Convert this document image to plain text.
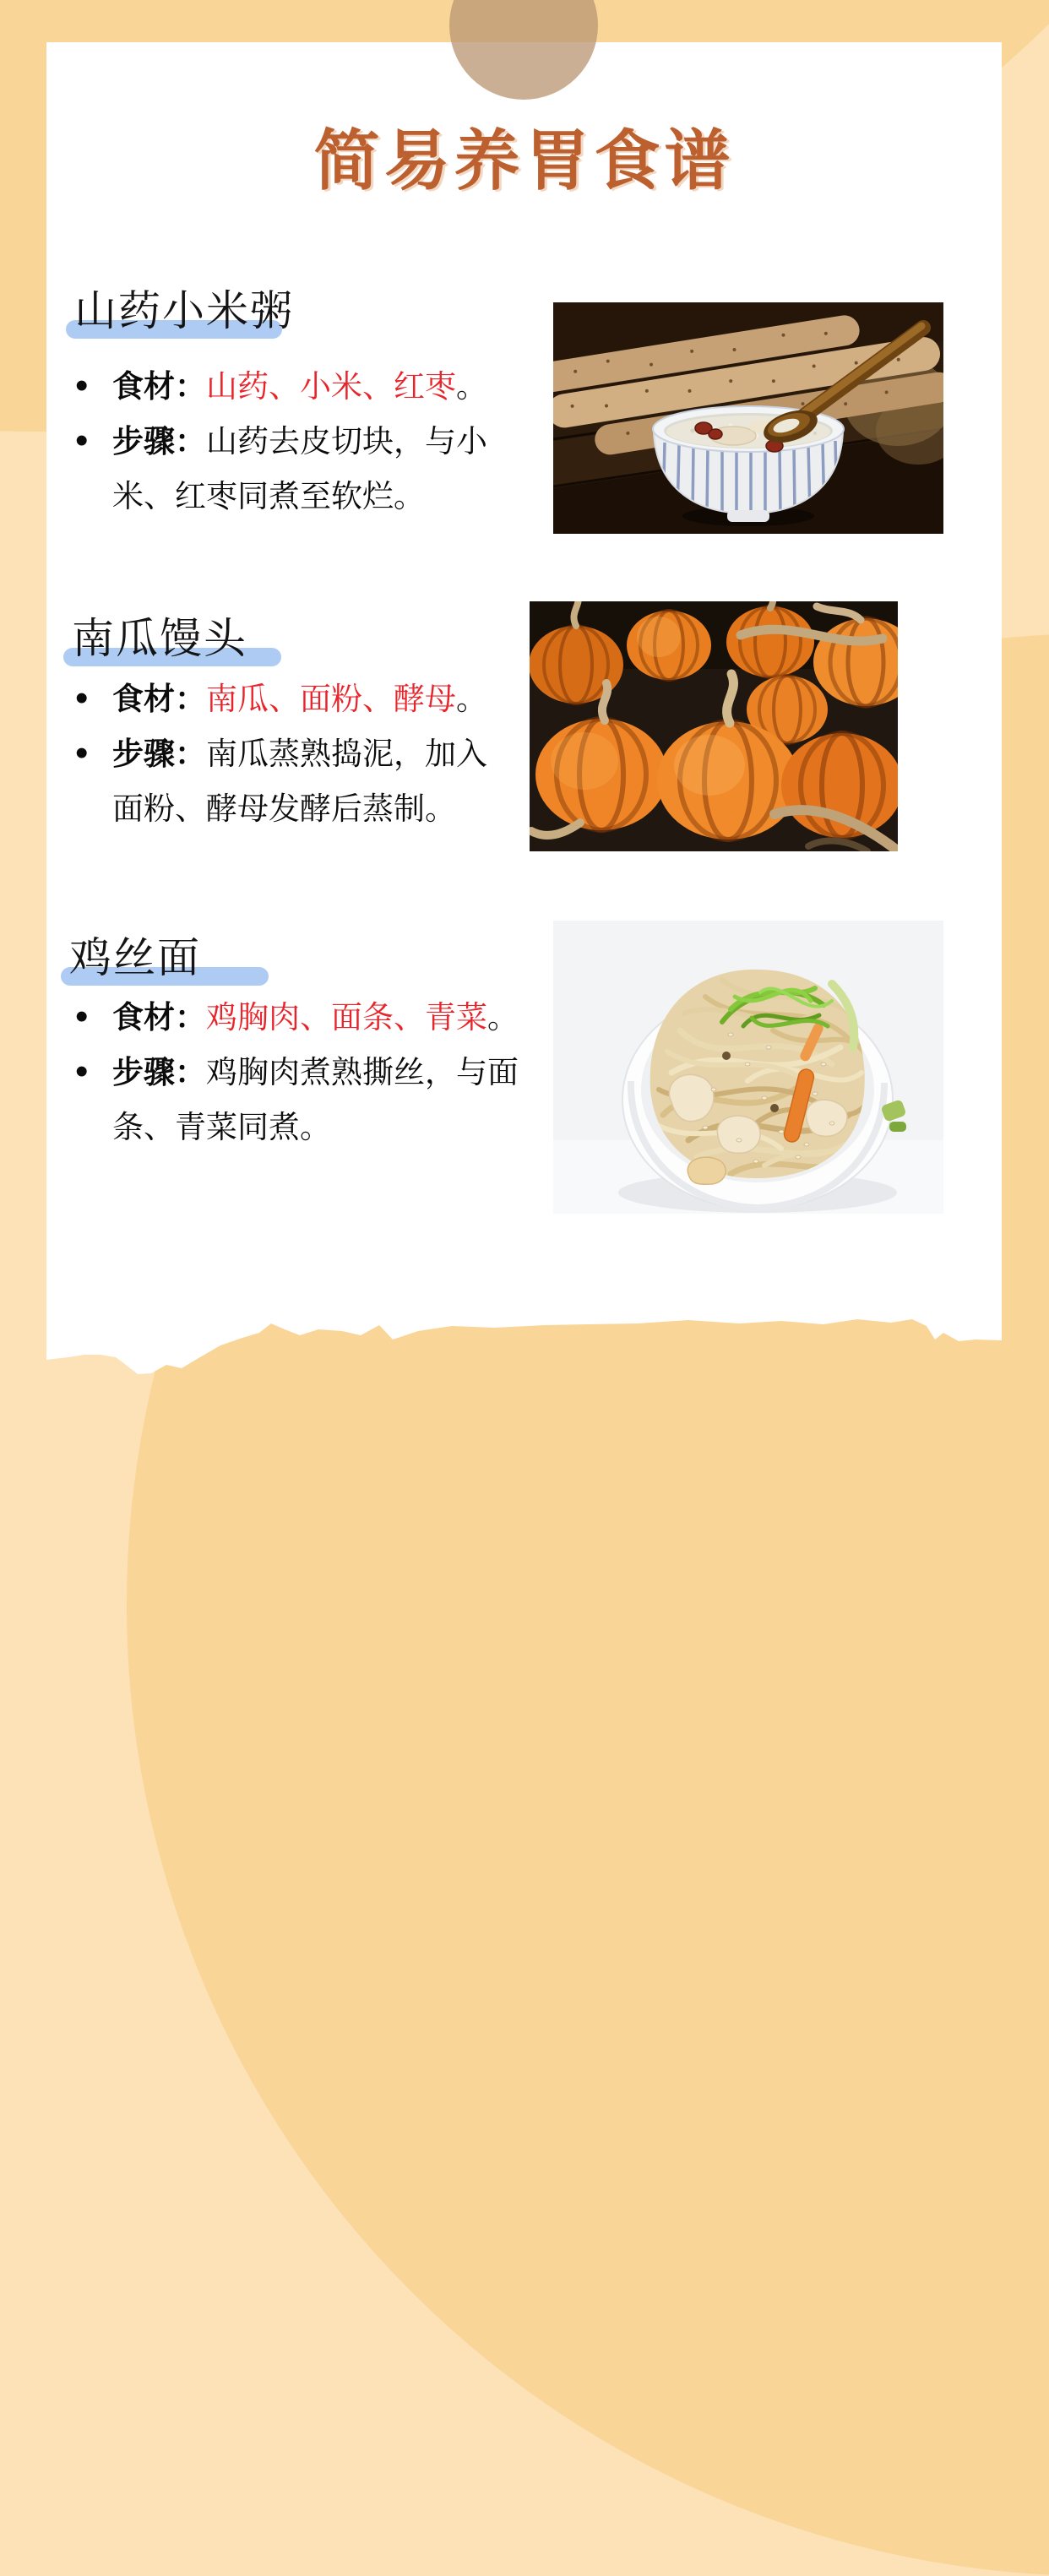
简易养胃食谱
山药小米粥
• 食材：山药、小米、红枣。
• 步骤：山药去皮切块，与小米、红枣同煮至软烂。
南瓜馒头
• 食材：南瓜、面粉、酵母。
• 步骤：南瓜蒸熟捣泥，加入面粉、酵母发酵后蒸制。
鸡丝面
• 食材：鸡胸肉、面条、青菜。
• 步骤：鸡胸肉煮熟撕丝，与面条、青菜同煮。
